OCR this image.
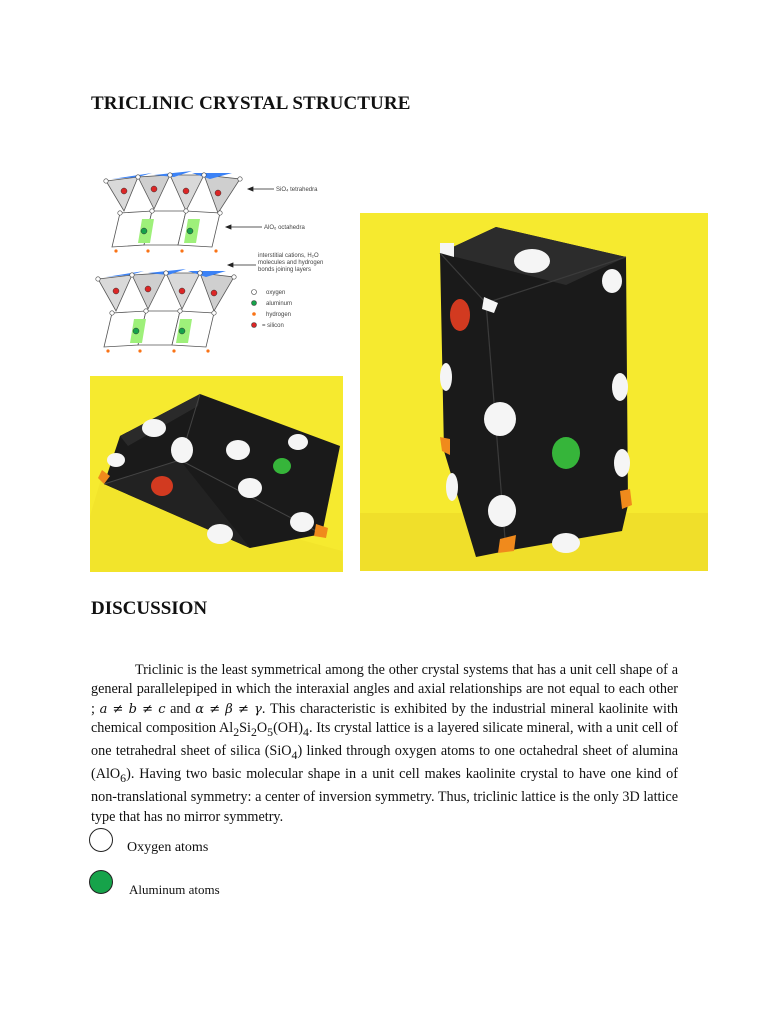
TRICLINIC CRYSTAL STRUCTURE
SiO₄ tetrahedra
AlO₆ octahedra
interstitial cations, H₂O
molecules and hydrogen
bonds joining layers
oxygen
aluminum
hydrogen
= silicon
DISCUSSION

Triclinic is the least symmetrical among the other crystal systems that has a unit cell shape of a general parallelepiped in which the interaxial angles and axial relationships are not equal to each other ; a ≠ b ≠ c and α ≠ β ≠ γ. This characteristic is exhibited by the industrial mineral kaolinite with chemical composition $Al_2Si_2O_5(OH)_4$. Its crystal lattice is a layered silicate mineral, with a unit cell of one tetrahedral sheet of silica (SiO$_4$) linked through oxygen atoms to one octahedral sheet of alumina (AlO$_6$). Having two basic molecular shape in a unit cell makes kaolinite crystal to have one kind of non-translational symmetry: a center of inversion symmetry. Thus, triclinic lattice is the only 3D lattice type that has no mirror symmetry.

Oxygen atoms
Aluminum atoms
